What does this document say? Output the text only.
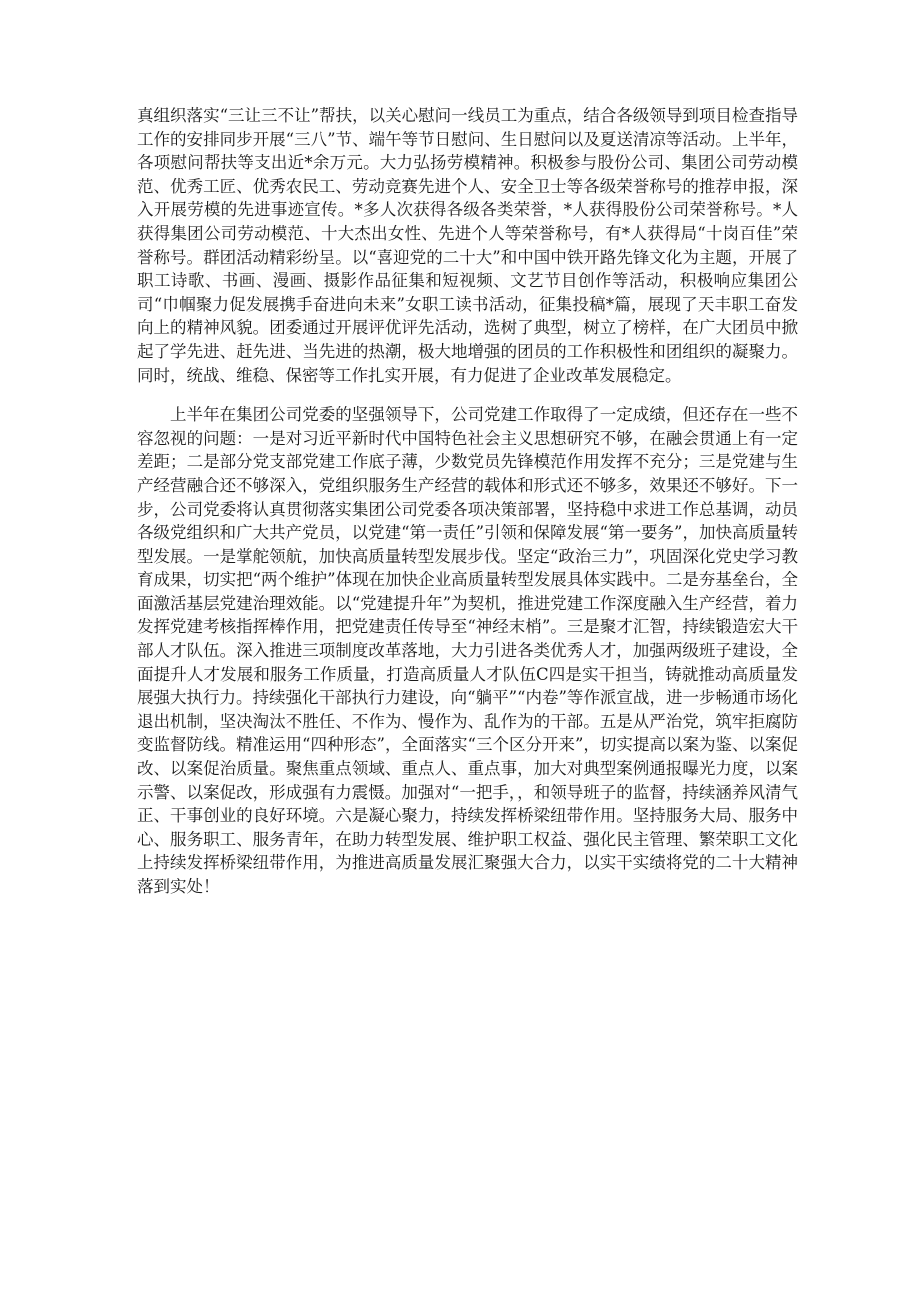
真组织落实“三让三不让”帮扶，以关心慰问一线员工为重点，结合各级领导到项目检查指导工作的安排同步开展“三八”节、端午等节日慰问、生日慰问以及夏送清凉等活动。上半年，各项慰问帮扶等支出近*余万元。大力弘扬劳模精神。积极参与股份公司、集团公司劳动模范、优秀工匠、优秀农民工、劳动竞赛先进个人、安全卫士等各级荣誉称号的推荐申报，深入开展劳模的先进事迹宣传。*多人次获得各级各类荣誉，*人获得股份公司荣誉称号。*人获得集团公司劳动模范、十大杰出女性、先进个人等荣誉称号，有*人获得局“十岗百佳”荣誉称号。群团活动精彩纷呈。以“喜迎党的二十大”和中国中铁开路先锋文化为主题，开展了职工诗歌、书画、漫画、摄影作品征集和短视频、文艺节目创作等活动，积极响应集团公司“巾帼聚力促发展携手奋进向未来”女职工读书活动，征集投稿*篇，展现了天丰职工奋发向上的精神风貌。团委通过开展评优评先活动，选树了典型，树立了榜样，在广大团员中掀起了学先进、赶先进、当先进的热潮，极大地增强的团员的工作积极性和团组织的凝聚力。同时，统战、维稳、保密等工作扎实开展，有力促进了企业改革发展稳定。

上半年在集团公司党委的坚强领导下，公司党建工作取得了一定成绩，但还存在一些不容忽视的问题：一是对习近平新时代中国特色社会主义思想研究不够，在融会贯通上有一定差距；二是部分党支部党建工作底子薄，少数党员先锋模范作用发挥不充分；三是党建与生产经营融合还不够深入，党组织服务生产经营的载体和形式还不够多，效果还不够好。下一步，公司党委将认真贯彻落实集团公司党委各项决策部署，坚持稳中求进工作总基调，动员各级党组织和广大共产党员，以党建“第一责任”引领和保障发展“第一要务”，加快高质量转型发展。一是掌舵领航，加快高质量转型发展步伐。坚定“政治三力”，巩固深化党史学习教育成果，切实把“两个维护”体现在加快企业高质量转型发展具体实践中。二是夯基垒台，全面激活基层党建治理效能。以“党建提升年”为契机，推进党建工作深度融入生产经营，着力发挥党建考核指挥棒作用，把党建责任传导至“神经末梢”。三是聚才汇智，持续锻造宏大干部人才队伍。深入推进三项制度改革落地，大力引进各类优秀人才，加强两级班子建设，全面提升人才发展和服务工作质量，打造高质量人才队伍C四是实干担当，铸就推动高质量发展强大执行力。持续强化干部执行力建设，向“躺平”“内卷”等作派宣战，进一步畅通市场化退出机制，坚决淘汰不胜任、不作为、慢作为、乱作为的干部。五是从严治党，筑牢拒腐防变监督防线。精准运用“四种形态”，全面落实“三个区分开来”，切实提高以案为鉴、以案促改、以案促治质量。聚焦重点领域、重点人、重点事，加大对典型案例通报曝光力度，以案示警、以案促改，形成强有力震慑。加强对“一把手，，和领导班子的监督，持续涵养风清气正、干事创业的良好环境。六是凝心聚力，持续发挥桥梁纽带作用。坚持服务大局、服务中心、服务职工、服务青年，在助力转型发展、维护职工权益、强化民主管理、繁荣职工文化上持续发挥桥梁纽带作用，为推进高质量发展汇聚强大合力，以实干实绩将党的二十大精神落到实处！
